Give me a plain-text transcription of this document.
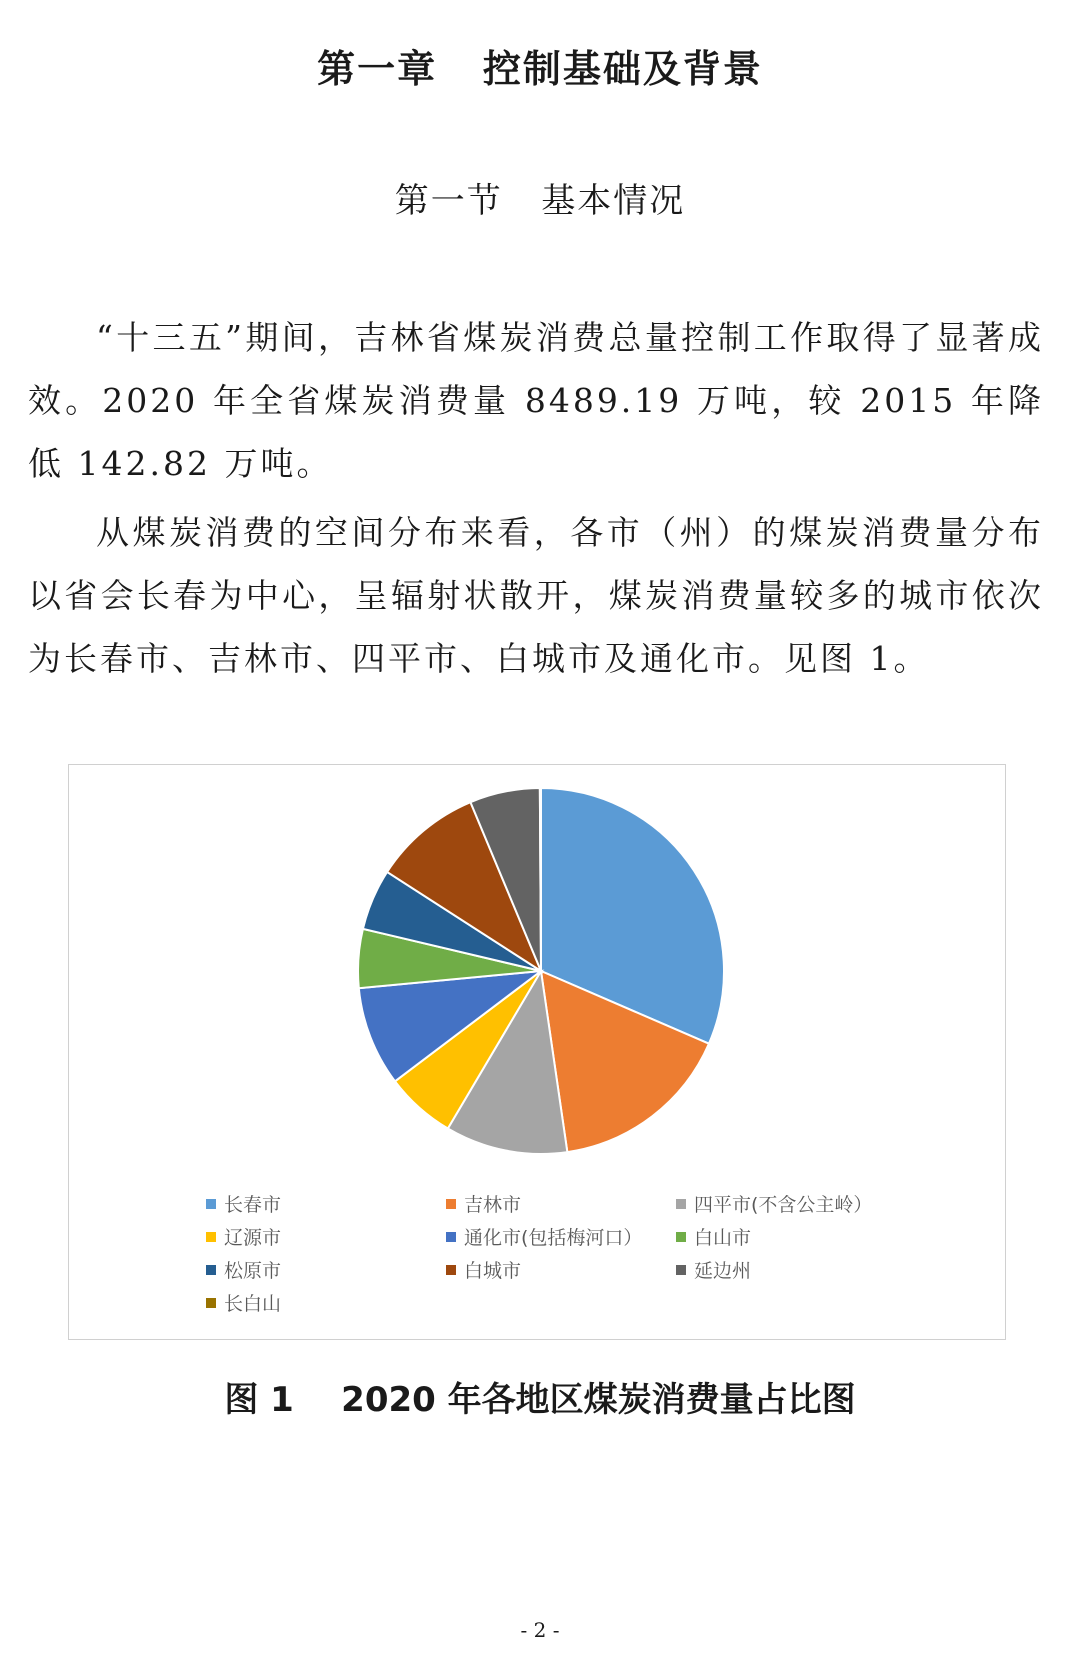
第一章   控制基础及背景
第一节   基本情况

“十三五”期间，吉林省煤炭消费总量控制工作取得了显著成效。2020 年全省煤炭消费量 8489.19 万吨，较 2015 年降低 142.82 万吨。

从煤炭消费的空间分布来看，各市（州）的煤炭消费量分布以省会长春为中心，呈辐射状散开，煤炭消费量较多的城市依次为长春市、吉林市、四平市、白城市及通化市。见图 1。

长春市	吉林市	四平市(不含公主岭）
辽源市	通化市(包括梅河口）	白山市
松原市	白城市	延边州
长白山
图 1    2020 年各地区煤炭消费量占比图
- 2 -
